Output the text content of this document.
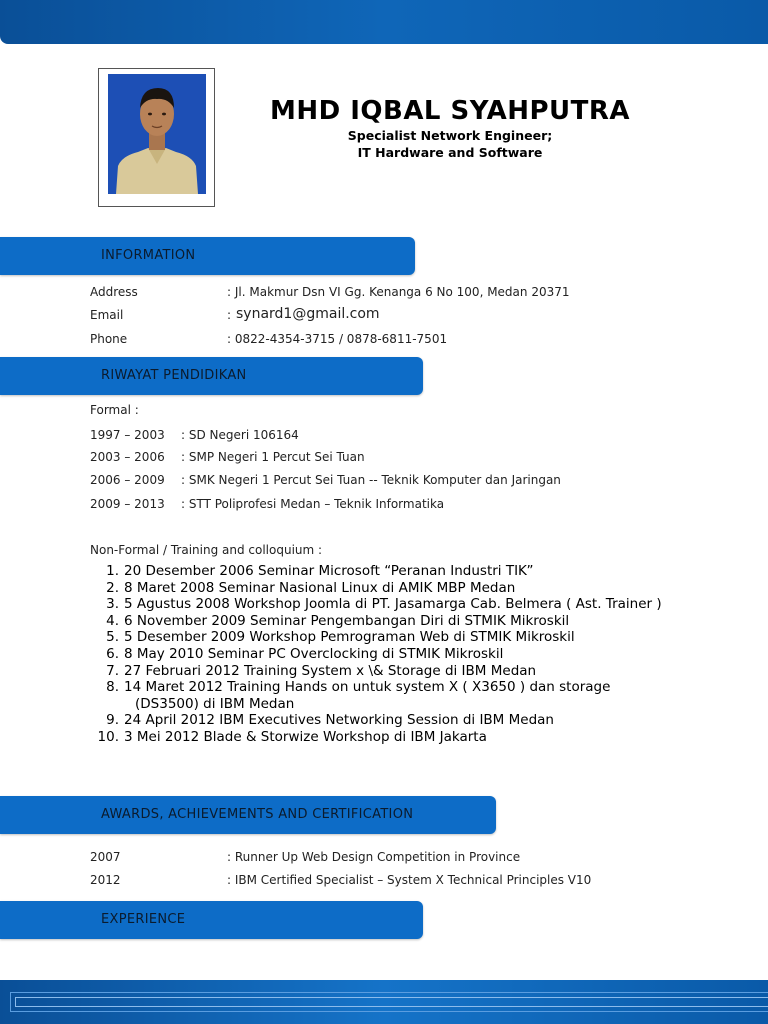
MHD IQBAL SYAHPUTRA
Specialist Network Engineer;
IT Hardware and Software
INFORMATION
Address	: Jl. Makmur Dsn VI Gg. Kenanga 6 No 100, Medan 20371
Email	: synard1@gmail.com
Phone	: 0822-4354-3715 / 0878-6811-7501
RIWAYAT PENDIDIKAN
Formal :
1997 – 2003 : SD Negeri 106164
2003 – 2006 : SMP Negeri 1 Percut Sei Tuan
2006 – 2009 : SMK Negeri 1 Percut Sei Tuan -- Teknik Komputer dan Jaringan
2009 – 2013 : STT Poliprofesi Medan – Teknik Informatika
Non-Formal / Training and colloquium :
1. 20 Desember 2006 Seminar Microsoft “Peranan Industri TIK”
2. 8 Maret 2008 Seminar Nasional Linux di AMIK MBP Medan
3. 5 Agustus 2008 Workshop Joomla di PT. Jasamarga Cab. Belmera ( Ast. Trainer )
4. 6 November 2009 Seminar Pengembangan Diri di STMIK Mikroskil
5. 5 Desember 2009 Workshop Pemrograman Web di STMIK Mikroskil
6. 8 May 2010 Seminar PC Overclocking di STMIK Mikroskil
7. 27 Februari 2012 Training System x \& Storage di IBM Medan
8. 14 Maret 2012 Training Hands on untuk system X ( X3650 ) dan storage
(DS3500) di IBM Medan
9. 24 April 2012 IBM Executives Networking Session di IBM Medan
10. 3 Mei 2012 Blade & Storwize Workshop di IBM Jakarta
AWARDS, ACHIEVEMENTS AND CERTIFICATION
2007	: Runner Up Web Design Competition in Province
2012	: IBM Certified Specialist – System X Technical Principles V10
EXPERIENCE
